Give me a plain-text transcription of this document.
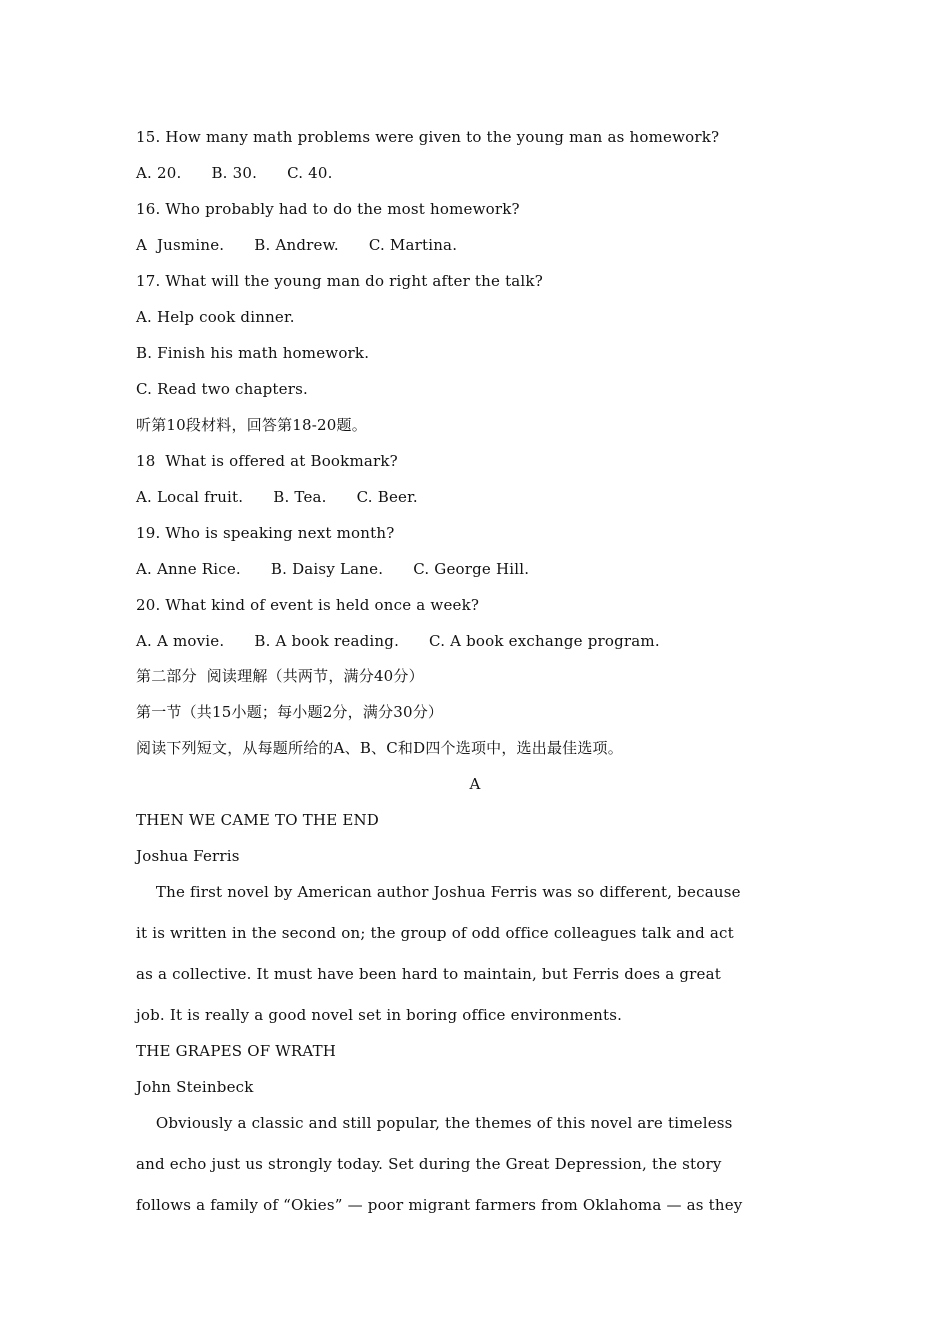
15. How many math problems were given to the young man as homework?
A. 20. B. 30. C. 40.
16. Who probably had to do the most homework?
A  Jusmine. B. Andrew. C. Martina.
17. What will the young man do right after the talk?
A. Help cook dinner.
B. Finish his math homework.
C. Read two chapters.
听第10段材料，回答第18-20题。
18  What is offered at Bookmark?
A. Local fruit. B. Tea. C. Beer.
19. Who is speaking next month?
A. Anne Rice. B. Daisy Lane. C. George Hill.
20. What kind of event is held once a week?
A. A movie. B. A book reading. C. A book exchange program.
第二部分  阅读理解（共两节，满分40分）
第一节（共15小题；每小题2分，满分30分）
阅读下列短文，从每题所给的A、B、C和D四个选项中，选出最佳选项。
A
THEN WE CAME TO THE END
Joshua Ferris
The first novel by American author Joshua Ferris was so different, because
it is written in the second on; the group of odd office colleagues talk and act
as a collective. It must have been hard to maintain, but Ferris does a great
job. It is really a good novel set in boring office environments.
THE GRAPES OF WRATH
John Steinbeck
Obviously a classic and still popular, the themes of this novel are timeless
and echo just us strongly today. Set during the Great Depression, the story
follows a family of “Okies” — poor migrant farmers from Oklahoma — as they
